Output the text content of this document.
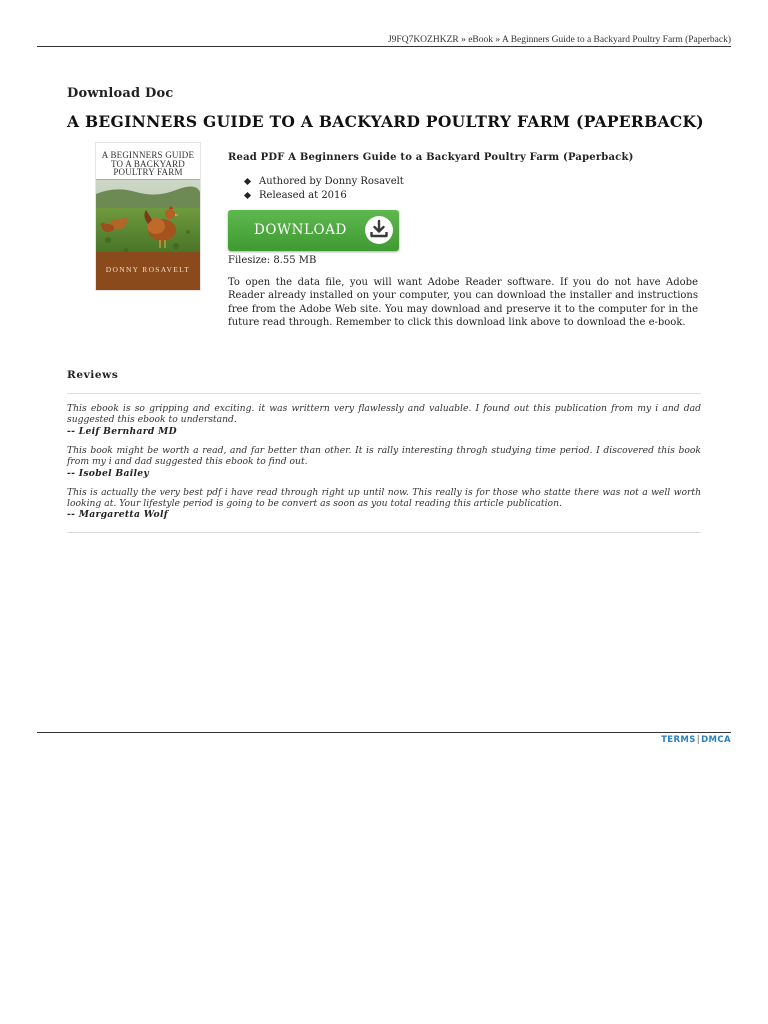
J9FQ7KOZHKZR » eBook » A Beginners Guide to a Backyard Poultry Farm (Paperback)
Download Doc
A BEGINNERS GUIDE TO A BACKYARD POULTRY FARM (PAPERBACK)
A BEGINNERS GUIDE
TO A BACKYARD
POULTRY FARM
DONNY ROSAVELT
Read PDF A Beginners Guide to a Backyard Poultry Farm (Paperback)
Authored by Donny Rosavelt
Released at 2016
DOWNLOAD
Filesize: 8.55 MB
To open the data file, you will want Adobe Reader software. If you do not have Adobe Reader already installed on your computer, you can download the installer and instructions free from the Adobe Web site. You may download and preserve it to the computer for in the future read through. Remember to click this download link above to download the e-book.
Reviews
This ebook is so gripping and exciting. it was writtern very flawlessly and valuable. I found out this publication from my i and dad suggested this ebook to understand.
-- Leif Bernhard MD
This book might be worth a read, and far better than other. It is rally interesting throgh studying time period. I discovered this book from my i and dad suggested this ebook to find out.
-- Isobel Bailey
This is actually the very best pdf i have read through right up until now. This really is for those who statte there was not a well worth looking at. Your lifestyle period is going to be convert as soon as you total reading this article publication.
-- Margaretta Wolf
TERMS|DMCA
